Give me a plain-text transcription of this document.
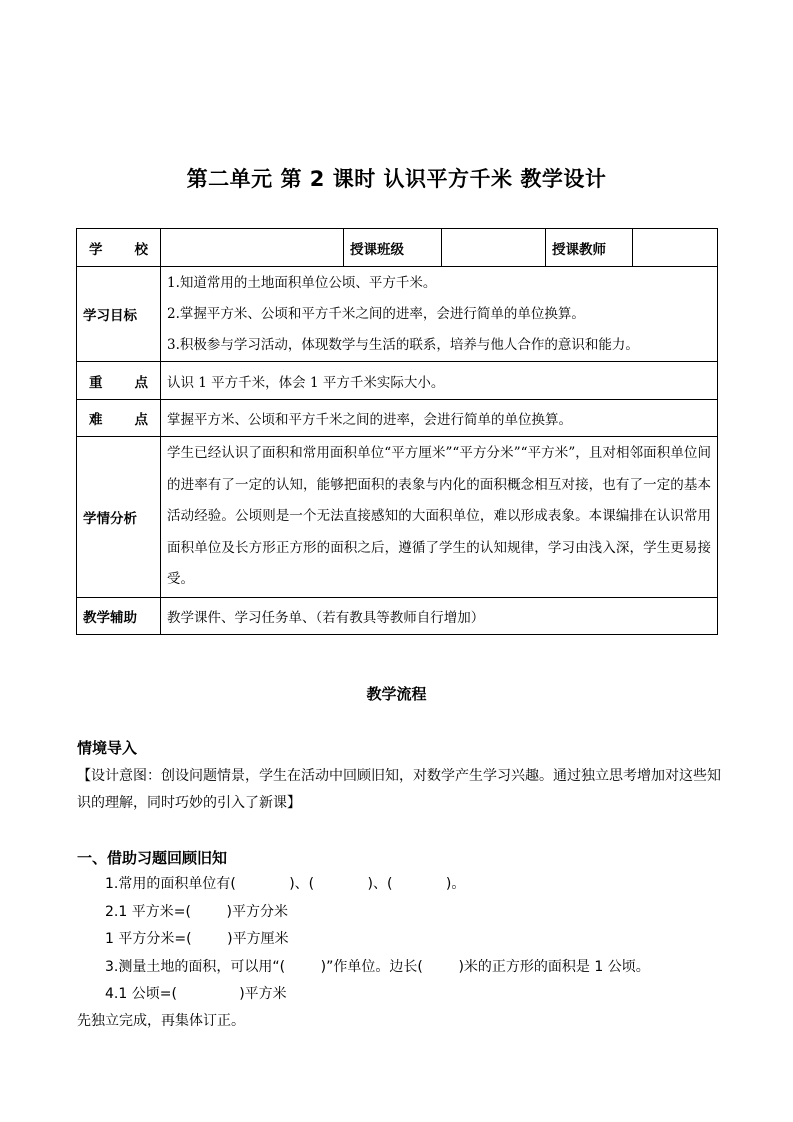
第二单元 第 2 课时 认识平方千米 教学设计
学 校		授课班级		授课教师	
学习目标	1.知道常用的土地面积单位公顷、平方千米。
2.掌握平方米、公顷和平方千米之间的进率，会进行简单的单位换算。
3.积极参与学习活动，体现数学与生活的联系，培养与他人合作的意识和能力。				

重 点	认识 1 平方千米，体会 1 平方千米实际大小。				

难 点	掌握平方米、公顷和平方千米之间的进率，会进行简单的单位换算。				
学情分析	学生已经认识了面积和常用面积单位“平方厘米”“平方分米”“平方米”，且对相邻面积单位间的进率有了一定的认知，能够把面积的表象与内化的面积概念相互对接，也有了一定的基本活动经验。公顷则是一个无法直接感知的大面积单位，难以形成表象。本课编排在认识常用面积单位及长方形正方形的面积之后，遵循了学生的认知规律，学习由浅入深，学生更易接受。				

教学辅助	教学课件、学习任务单、（若有教具等教师自行增加）				
教学流程
情境导入
【设计意图：创设问题情景，学生在活动中回顾旧知，对数学产生学习兴趣。通过独立思考增加对这些知识的理解，同时巧妙的引入了新课】
一、借助习题回顾旧知
1.常用的面积单位有(            )、(            )、(            )。
2.1 平方米=(        )平方分米
1 平方分米=(        )平方厘米
3.测量土地的面积，可以用“(        )”作单位。边长(        )米的正方形的面积是 1 公顷。
4.1 公顷=(              )平方米
先独立完成，再集体订正。
